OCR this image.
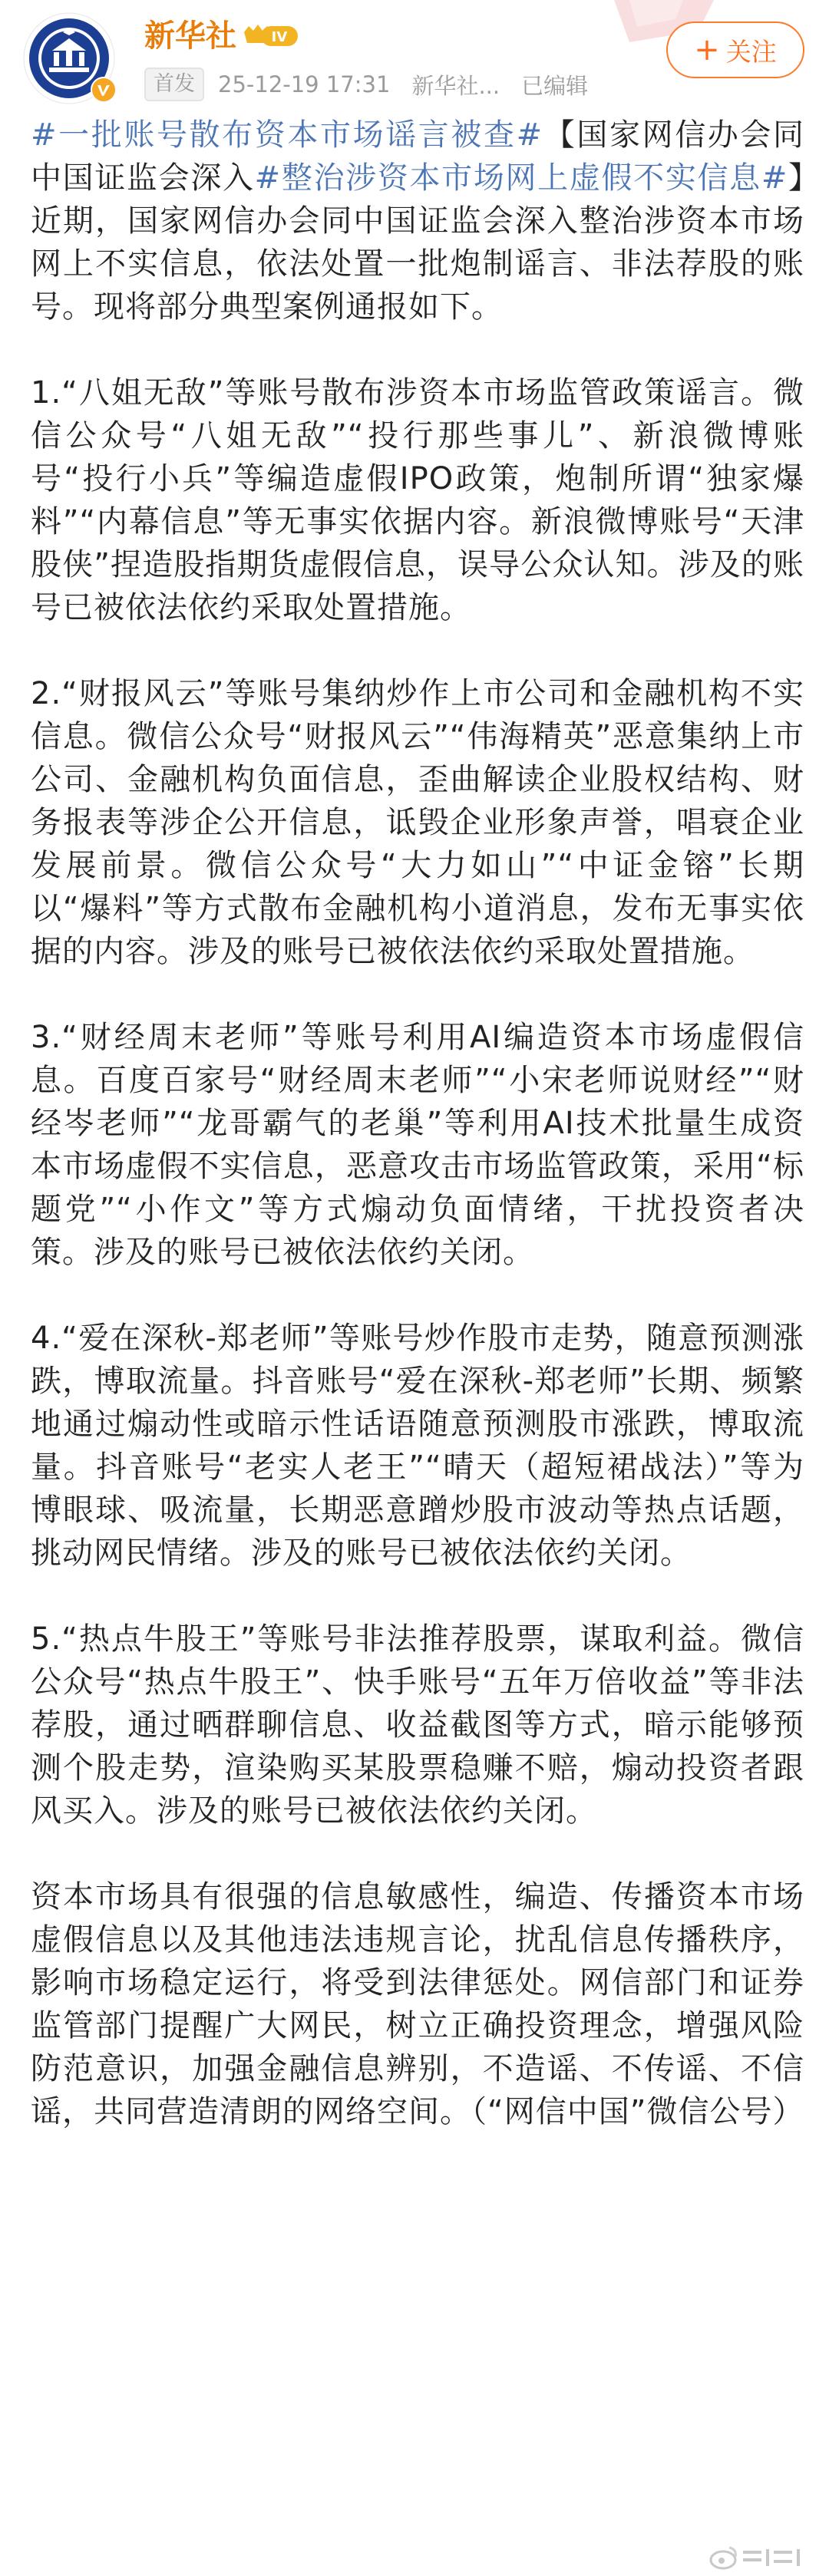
新华社	IV
首发	25-12-19 17:31 新华社... 已编辑
+ 关注

#一批账号散布资本市场谣言被查#【国家网信办会同中国证监会深入#整治涉资本市场网上虚假不实信息#】近期，国家网信办会同中国证监会深入整治涉资本市场网上不实信息，依法处置一批炮制谣言、非法荐股的账号。现将部分典型案例通报如下。

1.“八姐无敌”等账号散布涉资本市场监管政策谣言。微信公众号“八姐无敌”“投行那些事儿”、新浪微博账号“投行小兵”等编造虚假IPO政策，炮制所谓“独家爆料”“内幕信息”等无事实依据内容。新浪微博账号“天津股侠”捏造股指期货虚假信息，误导公众认知。涉及的账号已被依法依约采取处置措施。

2.“财报风云”等账号集纳炒作上市公司和金融机构不实信息。微信公众号“财报风云”“伟海精英”恶意集纳上市公司、金融机构负面信息，歪曲解读企业股权结构、财务报表等涉企公开信息，诋毁企业形象声誉，唱衰企业发展前景。微信公众号“大力如山”“中证金镕”长期以“爆料”等方式散布金融机构小道消息，发布无事实依据的内容。涉及的账号已被依法依约采取处置措施。

3.“财经周末老师”等账号利用AI编造资本市场虚假信息。百度百家号“财经周末老师”“小宋老师说财经”“财经岑老师”“龙哥霸气的老巢”等利用AI技术批量生成资本市场虚假不实信息，恶意攻击市场监管政策，采用“标题党”“小作文”等方式煽动负面情绪，干扰投资者决策。涉及的账号已被依法依约关闭。

4.“爱在深秋-郑老师”等账号炒作股市走势，随意预测涨跌，博取流量。抖音账号“爱在深秋-郑老师”长期、频繁地通过煽动性或暗示性话语随意预测股市涨跌，博取流量。抖音账号“老实人老王”“晴天（超短裙战法）”等为博眼球、吸流量，长期恶意蹭炒股市波动等热点话题，挑动网民情绪。涉及的账号已被依法依约关闭。

5.“热点牛股王”等账号非法推荐股票，谋取利益。微信公众号“热点牛股王”、快手账号“五年万倍收益”等非法荐股，通过晒群聊信息、收益截图等方式，暗示能够预测个股走势，渲染购买某股票稳赚不赔，煽动投资者跟风买入。涉及的账号已被依法依约关闭。

资本市场具有很强的信息敏感性，编造、传播资本市场虚假信息以及其他违法违规言论，扰乱信息传播秩序，影响市场稳定运行，将受到法律惩处。网信部门和证券监管部门提醒广大网民，树立正确投资理念，增强风险防范意识，加强金融信息辨别，不造谣、不传谣、不信谣，共同营造清朗的网络空间。（“网信中国”微信公号）
